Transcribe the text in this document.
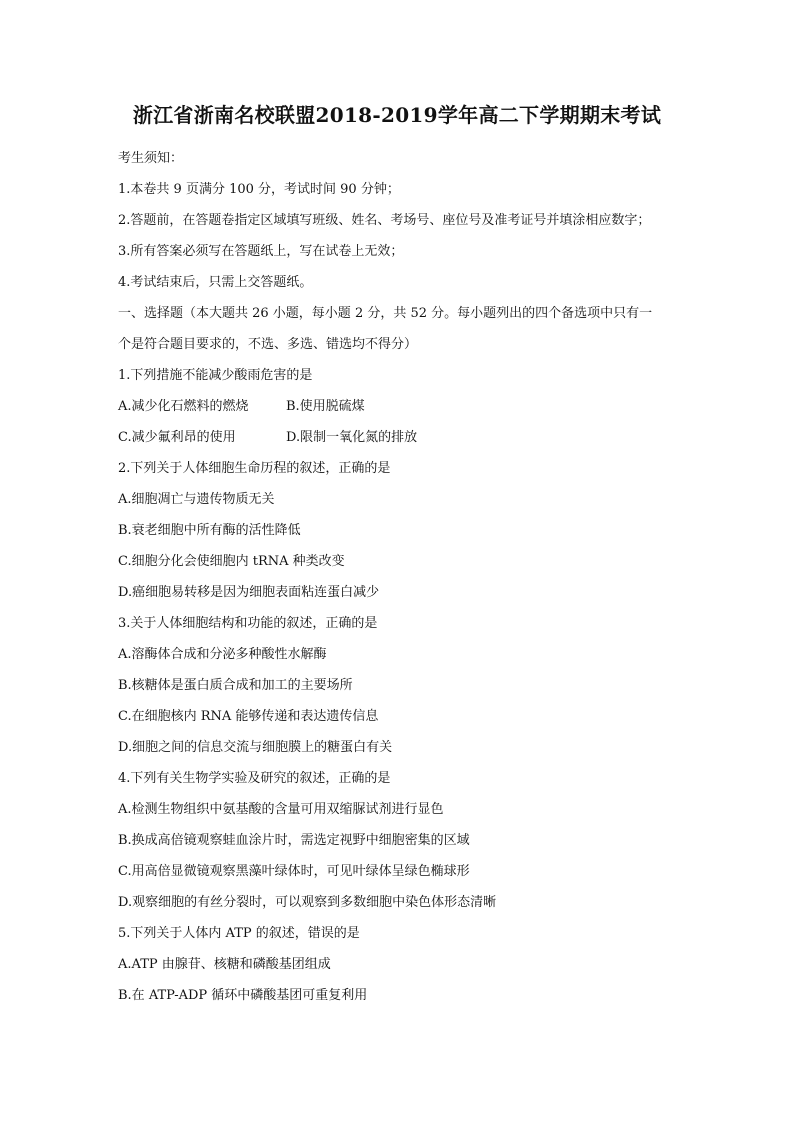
浙江省浙南名校联盟2018-2019学年高二下学期期末考试
考生须知：
1.本卷共 9 页满分 100 分，考试时间 90 分钟；
2.答题前，在答题卷指定区域填写班级、姓名、考场号、座位号及准考证号并填涂相应数字；
3.所有答案必须写在答题纸上，写在试卷上无效；
4.考试结束后，只需上交答题纸。
一、选择题（本大题共 26 小题，每小题 2 分，共 52 分。每小题列出的四个备选项中只有一
个是符合题目要求的，不选、多选、错选均不得分）
1.下列措施不能减少酸雨危害的是
A.减少化石燃料的燃烧	B.使用脱硫煤
C.减少氟利昂的使用	D.限制一氧化氮的排放
2.下列关于人体细胞生命历程的叙述，正确的是
A.细胞凋亡与遗传物质无关
B.衰老细胞中所有酶的活性降低
C.细胞分化会使细胞内 tRNA 种类改变
D.癌细胞易转移是因为细胞表面粘连蛋白减少
3.关于人体细胞结构和功能的叙述，正确的是
A.溶酶体合成和分泌多种酸性水解酶
B.核糖体是蛋白质合成和加工的主要场所
C.在细胞核内 RNA 能够传递和表达遗传信息
D.细胞之间的信息交流与细胞膜上的糖蛋白有关
4.下列有关生物学实验及研究的叙述，正确的是
A.检测生物组织中氨基酸的含量可用双缩脲试剂进行显色
B.换成高倍镜观察蛙血涂片时，需选定视野中细胞密集的区域
C.用高倍显微镜观察黑藻叶绿体时，可见叶绿体呈绿色椭球形
D.观察细胞的有丝分裂时，可以观察到多数细胞中染色体形态清晰
5.下列关于人体内 ATP 的叙述，错误的是
A.ATP 由腺苷、核糖和磷酸基团组成
B.在 ATP-ADP 循环中磷酸基团可重复利用
